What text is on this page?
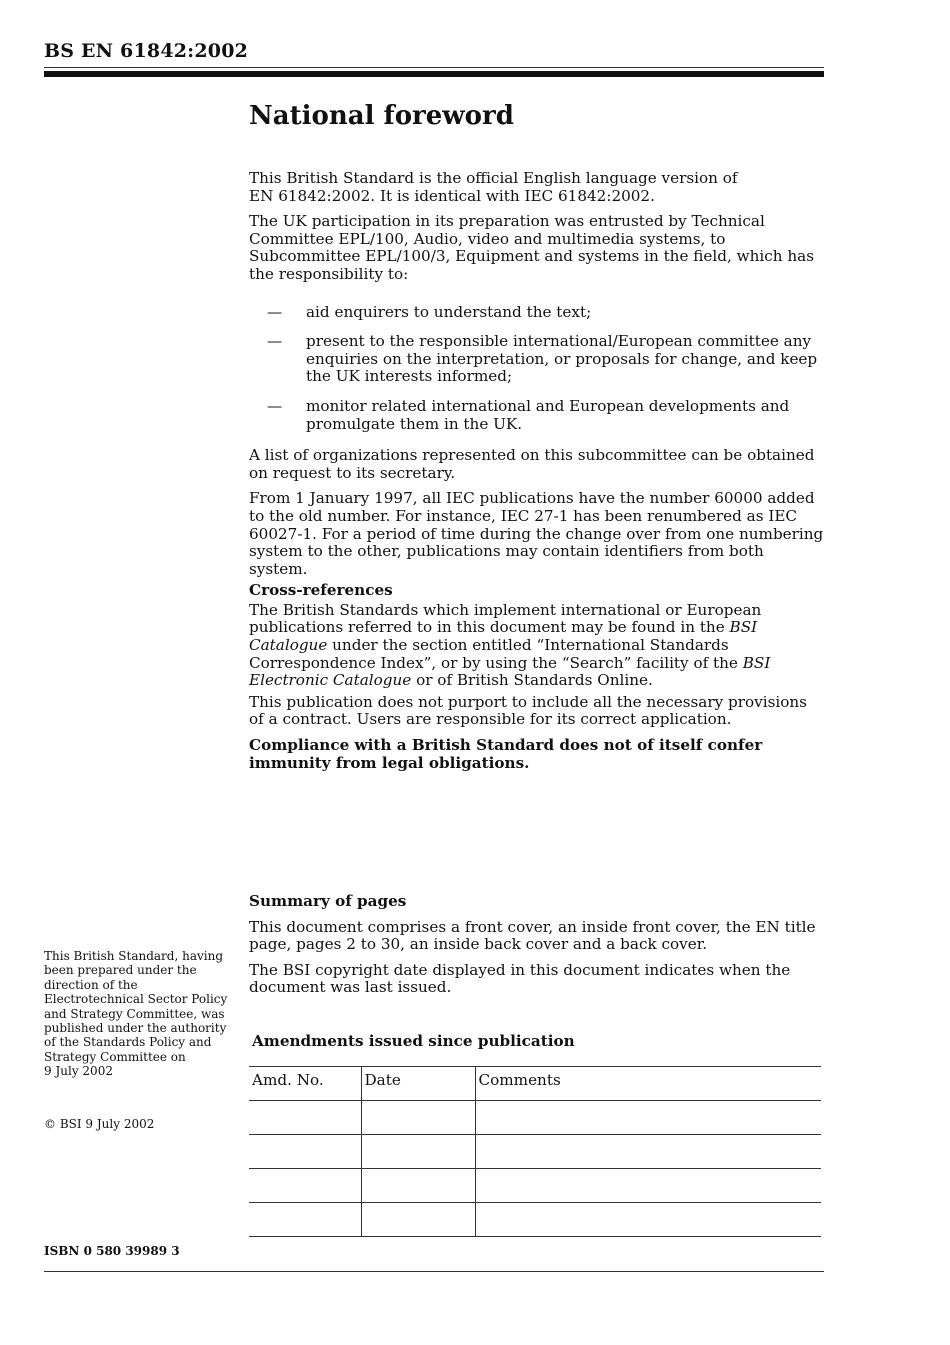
BS EN 61842:2002
National foreword

This British Standard is the official English language version of
EN 61842:2002. It is identical with IEC 61842:2002.

The UK participation in its preparation was entrusted by Technical Committee EPL/100, Audio, video and multimedia systems, to Subcommittee EPL/100/3, Equipment and systems in the field, which has the responsibility to:

—	aid enquirers to understand the text;
—	present to the responsible international/European committee any enquiries on the interpretation, or proposals for change, and keep the UK interests informed;
—	monitor related international and European developments and promulgate them in the UK.

A list of organizations represented on this subcommittee can be obtained on request to its secretary.

From 1 January 1997, all IEC publications have the number 60000 added to the old number. For instance, IEC 27-1 has been renumbered as IEC 60027-1. For a period of time during the change over from one numbering system to the other, publications may contain identifiers from both system.

Cross-references

The British Standards which implement international or European publications referred to in this document may be found in the BSI Catalogue under the section entitled “International Standards Correspondence Index”, or by using the “Search” facility of the BSI Electronic Catalogue or of British Standards Online.

This publication does not purport to include all the necessary provisions of a contract. Users are responsible for its correct application.

Compliance with a British Standard does not of itself confer immunity from legal obligations.

Summary of pages

This document comprises a front cover, an inside front cover, the EN title page, pages 2 to 30, an inside back cover and a back cover.

The BSI copyright date displayed in this document indicates when the document was last issued.

Amendments issued since publication
Amd. No.	Date	Comments

This British Standard, having been prepared under the direction of the Electrotechnical Sector Policy and Strategy Committee, was published under the authority of the Standards Policy and Strategy Committee on
9 July 2002
© BSI 9 July 2002
ISBN 0 580 39989 3
